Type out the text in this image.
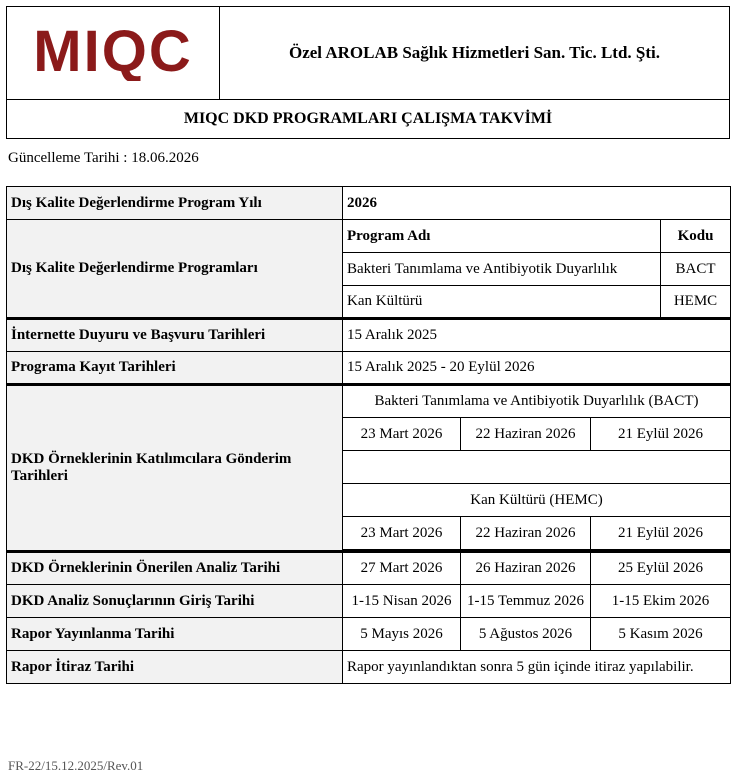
MIQC	Özel AROLAB Sağlık Hizmetleri San. Tic. Ltd. Şti.
MIQC DKD PROGRAMLARI ÇALIŞMA TAKVİMİ
Güncelleme Tarihi : 18.06.2026
Dış Kalite Değerlendirme Program Yılı	2026			
Dış Kalite Değerlendirme Programları	Program Adı			Kodu
	Bakteri Tanımlama ve Antibiyotik Duyarlılık			BACT
	Kan Kültürü			HEMC
İnternette Duyuru ve Başvuru Tarihleri	15 Aralık 2025			
Programa Kayıt Tarihleri	15 Aralık 2025 - 20 Eylül 2026			
DKD Örneklerinin Katılımcılara Gönderim Tarihleri	Bakteri Tanımlama ve Antibiyotik Duyarlılık (BACT)			
	23 Mart 2026	22 Haziran 2026	21 Eylül 2026	

	Kan Kültürü (HEMC)			
	23 Mart 2026	22 Haziran 2026	21 Eylül 2026	

DKD Örneklerinin Önerilen Analiz Tarihi	27 Mart 2026	26 Haziran 2026	25 Eylül 2026	
DKD Analiz Sonuçlarının Giriş Tarihi	1-15 Nisan 2026	1-15 Temmuz 2026	1-15 Ekim 2026	
Rapor Yayınlanma Tarihi	5 Mayıs 2026	5 Ağustos 2026	5 Kasım 2026	
Rapor İtiraz Tarihi	Rapor yayınlandıktan sonra 5 gün içinde itiraz yapılabilir.			
FR-22/15.12.2025/Rev.01
